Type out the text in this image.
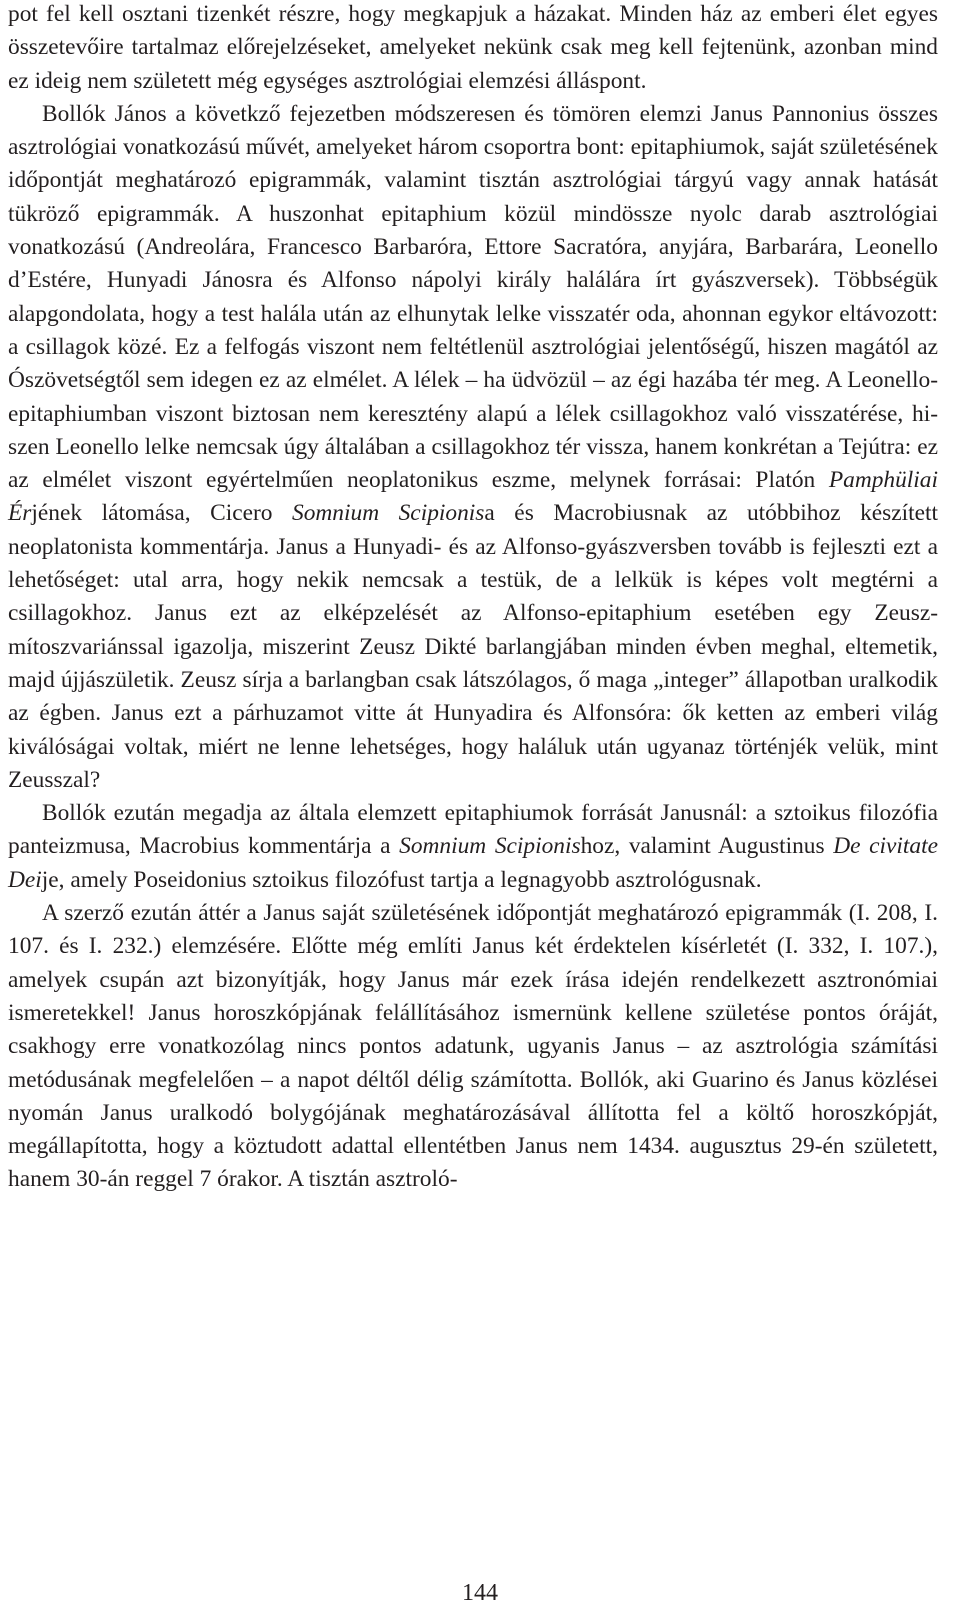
pot fel kell osztani tizenkét részre, hogy megkapjuk a házakat. Minden ház az emberi élet egyes összetevőire tartalmaz előrejelzéseket, amelyeket nekünk csak meg kell fejtenünk, azonban mind ez ideig nem született még egységes asztrológiai elemzési álláspont.

Bollók János a követkző fejezetben módszeresen és tömören elemzi Janus Pannonius összes asztrológiai vonatkozású művét, amelyeket három csoportra bont: epitaphiumok, saját születésének időpontját meghatározó epigrammák, valamint tisztán asztrológiai tárgyú vagy annak hatását tükröző epigrammák. A huszonhat epitaphium közül mindössze nyolc darab asztrológiai vonatkozású (Andreolára, Francesco Barbaróra, Ettore Sacratóra, anyjára, Barbarára, Leonello d’Estére, Hunyadi Jánosra és Alfonso nápolyi király halálára írt gyászversek). Többségük alapgondolata, hogy a test halála után az elhunytak lelke visszatér oda, ahonnan egykor eltávozott: a csillagok közé. Ez a felfogás viszont nem feltétlenül asztrológiai jelentőségű, hiszen magától az Ószövetségtől sem idegen ez az elmélet. A lélek – ha üdvözül – az égi hazába tér meg. A Leonello-epitaphiumban viszont biztosan nem keresztény alapú a lélek csillagokhoz való visszatérése, hiszen Leonello lelke nemcsak úgy általában a csillagokhoz tér vissza, hanem konkrétan a Tejútra: ez az elmélet viszont egyértelműen neoplatonikus eszme, melynek forrásai: Platón Pamphüliai Érjének látomása, Cicero Somnium Scipionisa és Macrobiusnak az utóbbihoz készített neoplatonista kommentárja. Janus a Hunyadi- és az Alfonso-gyászversben tovább is fejleszti ezt a lehetőséget: utal arra, hogy nekik nemcsak a testük, de a lelkük is képes volt megtérni a csillagokhoz. Janus ezt az elképzelését az Alfonso-epitaphium esetében egy Zeusz-mítoszvariánssal igazolja, miszerint Zeusz Dikté barlangjában minden évben meghal, eltemetik, majd újjászületik. Zeusz sírja a barlangban csak látszólagos, ő maga „integer” állapotban uralkodik az égben. Janus ezt a párhuzamot vitte át Hunyadira és Alfonsóra: ők ketten az emberi világ kiválóságai voltak, miért ne lenne lehetséges, hogy haláluk után ugyanaz történjék velük, mint Zeusszal?

Bollók ezután megadja az általa elemzett epitaphiumok forrását Janusnál: a sztoikus filozófia panteizmusa, Macrobius kommentárja a Somnium Scipionishoz, valamint Augustinus De civitate Deije, amely Poseidonius sztoikus filozófust tartja a legnagyobb asztrológusnak.

A szerző ezután áttér a Janus saját születésének időpontját meghatározó epigrammák (I. 208, I. 107. és I. 232.) elemzésére. Előtte még említi Janus két érdektelen kísérletét (I. 332, I. 107.), amelyek csupán azt bizonyítják, hogy Janus már ezek írása idején rendelkezett asztronómiai ismeretekkel! Janus horoszkópjának felállításához ismernünk kellene születése pontos óráját, csakhogy erre vonatkozólag nincs pontos adatunk, ugyanis Janus – az asztrológia számítási metódusának megfelelően – a napot déltől délig számította. Bollók, aki Guarino és Janus közlései nyomán Janus uralkodó bolygójának meghatározásával állította fel a költő horoszkópját, megállapította, hogy a köztudott adattal ellentétben Janus nem 1434. augusztus 29-én született, hanem 30-án reggel 7 órakor. A tisztán asztroló-

144
